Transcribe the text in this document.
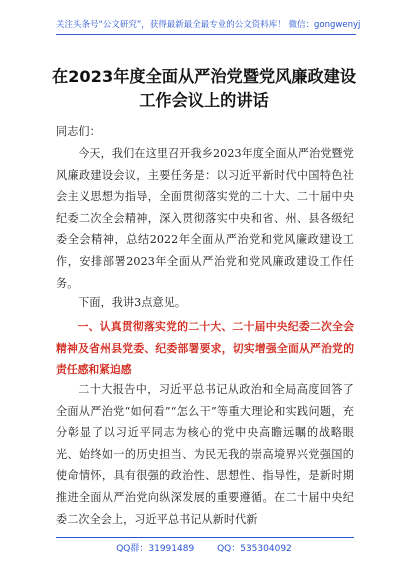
关注头条号“公文研究”，获得最新最全最专业的公文资料库！ 微信：gongwenyj
在2023年度全面从严治党暨党风廉政建设工作会议上的讲话
同志们：
今天，我们在这里召开我乡2023年度全面从严治党暨党风廉政建设会议，主要任务是：以习近平新时代中国特色社会主义思想为指导，全面贯彻落实党的二十大、二十届中央纪委二次全会精神，深入贯彻落实中央和省、州、县各级纪委全会精神，总结2022年全面从严治党和党风廉政建设工作，安排部署2023年全面从严治党和党风廉政建设工作任务。
下面，我讲3点意见。
一、认真贯彻落实党的二十大、二十届中央纪委二次全会精神及省州县党委、纪委部署要求，切实增强全面从严治党的责任感和紧迫感
二十大报告中，习近平总书记从政治和全局高度回答了全面从严治党“如何看”“怎么干”等重大理论和实践问题，充分彰显了以习近平同志为核心的党中央高瞻远瞩的战略眼光、始终如一的历史担当、为民无我的崇高境界兴党强国的使命情怀，具有很强的政治性、思想性、指导性，是新时期推进全面从严治党向纵深发展的重要遵循。在二十届中央纪委二次全会上，习近平总书记从新时代新
QQ群：31991489        QQ：535304092
